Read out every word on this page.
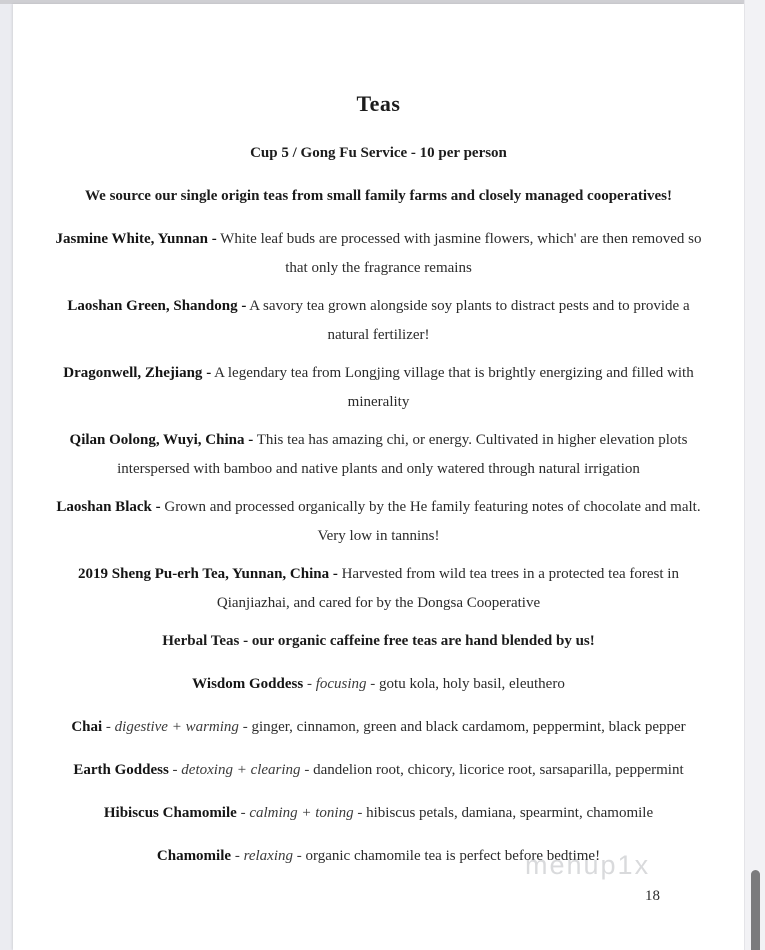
Teas
Cup 5 / Gong Fu Service - 10 per person
We source our single origin teas from small family farms and closely managed cooperatives!

Jasmine White, Yunnan - White leaf buds are processed with jasmine flowers, which' are then removed so that only the fragrance remains

Laoshan Green, Shandong - A savory tea grown alongside soy plants to distract pests and to provide a natural fertilizer!

Dragonwell, Zhejiang - A legendary tea from Longjing village that is brightly energizing and filled with minerality

Qilan Oolong, Wuyi, China - This tea has amazing chi, or energy. Cultivated in higher elevation plots interspersed with bamboo and native plants and only watered through natural irrigation

Laoshan Black - Grown and processed organically by the He family featuring notes of chocolate and malt. Very low in tannins!

2019 Sheng Pu-erh Tea, Yunnan, China - Harvested from wild tea trees in a protected tea forest in Qianjiazhai, and cared for by the Dongsa Cooperative

Herbal Teas - our organic caffeine free teas are hand blended by us!

Wisdom Goddess - focusing - gotu kola, holy basil, eleuthero

Chai - digestive + warming - ginger, cinnamon, green and black cardamom, peppermint, black pepper

Earth Goddess - detoxing + clearing - dandelion root, chicory, licorice root, sarsaparilla, peppermint

Hibiscus Chamomile - calming + toning - hibiscus petals, damiana, spearmint, chamomile

Chamomile - relaxing - organic chamomile tea is perfect before bedtime!

menup1x
18
